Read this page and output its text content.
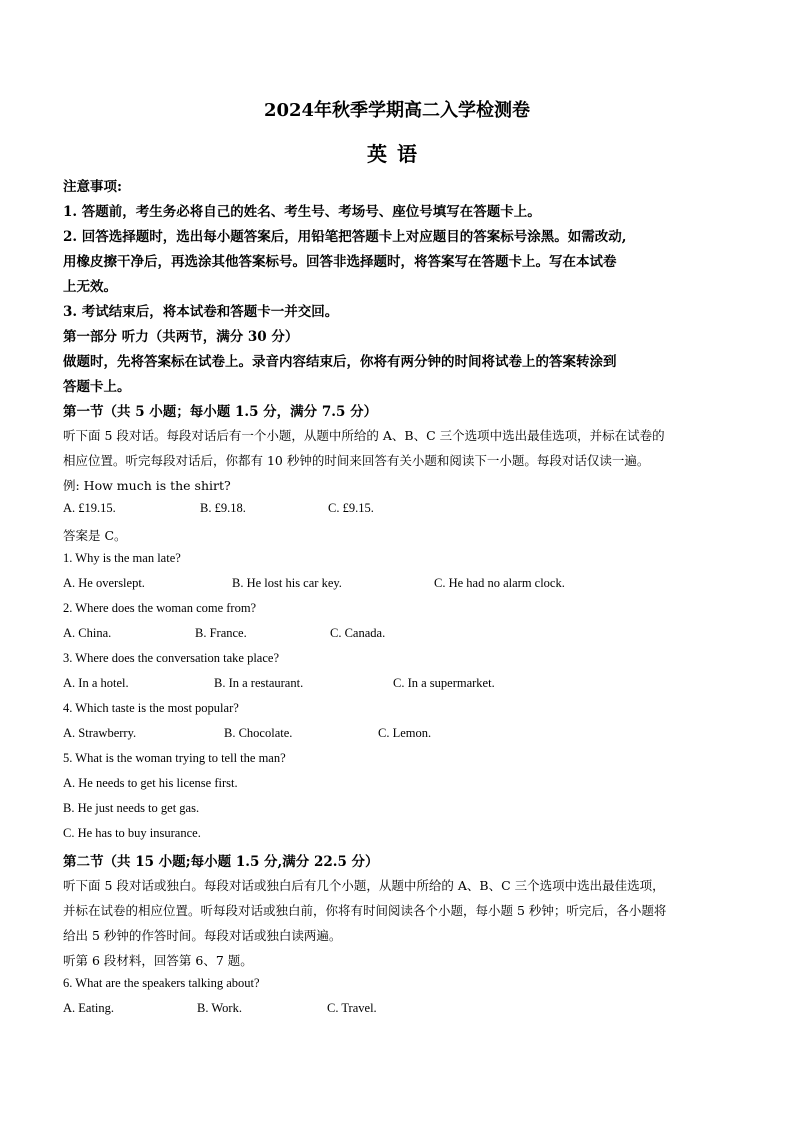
2024年秋季学期高二入学检测卷
英语
注意事项:
1. 答题前，考生务必将自己的姓名、考生号、考场号、座位号填写在答题卡上。
2. 回答选择题时，选出每小题答案后，用铅笔把答题卡上对应题目的答案标号涂黑。如需改动,
用橡皮擦干净后，再选涂其他答案标号。回答非选择题时，将答案写在答题卡上。写在本试卷
上无效。
3. 考试结束后，将本试卷和答题卡一并交回。
第一部分 听力（共两节，满分 30 分）
做题时，先将答案标在试卷上。录音内容结束后，你将有两分钟的时间将试卷上的答案转涂到
答题卡上。
第一节（共 5 小题；每小题 1.5 分，满分 7.5 分）
听下面 5 段对话。每段对话后有一个小题，从题中所给的 A、B、C 三个选项中选出最佳选项，并标在试卷的
相应位置。听完每段对话后，你都有 10 秒钟的时间来回答有关小题和阅读下一小题。每段对话仅读一遍。
例: How much is the shirt?
A. £19.15.	B. £9.18.	C. £9.15.
答案是 C。
1. Why is the man late?
A. He overslept.	B. He lost his car key.	C. He had no alarm clock.
2. Where does the woman come from?
A. China.	B. France.	C. Canada.
3. Where does the conversation take place?
A. In a hotel.	B. In a restaurant.	C. In a supermarket.
4. Which taste is the most popular?
A. Strawberry.	B. Chocolate.	C. Lemon.
5. What is the woman trying to tell the man?
A. He needs to get his license first.
B. He just needs to get gas.
C. He has to buy insurance.
第二节（共 15 小题;每小题 1.5 分,满分 22.5 分）
听下面 5 段对话或独白。每段对话或独白后有几个小题，从题中所给的 A、B、C 三个选项中选出最佳选项，
并标在试卷的相应位置。听每段对话或独白前，你将有时间阅读各个小题，每小题 5 秒钟；听完后，各小题将
给出 5 秒钟的作答时间。每段对话或独白读两遍。
听第 6 段材料，回答第 6、7 题。
6. What are the speakers talking about?
A. Eating.	B. Work.	C. Travel.
